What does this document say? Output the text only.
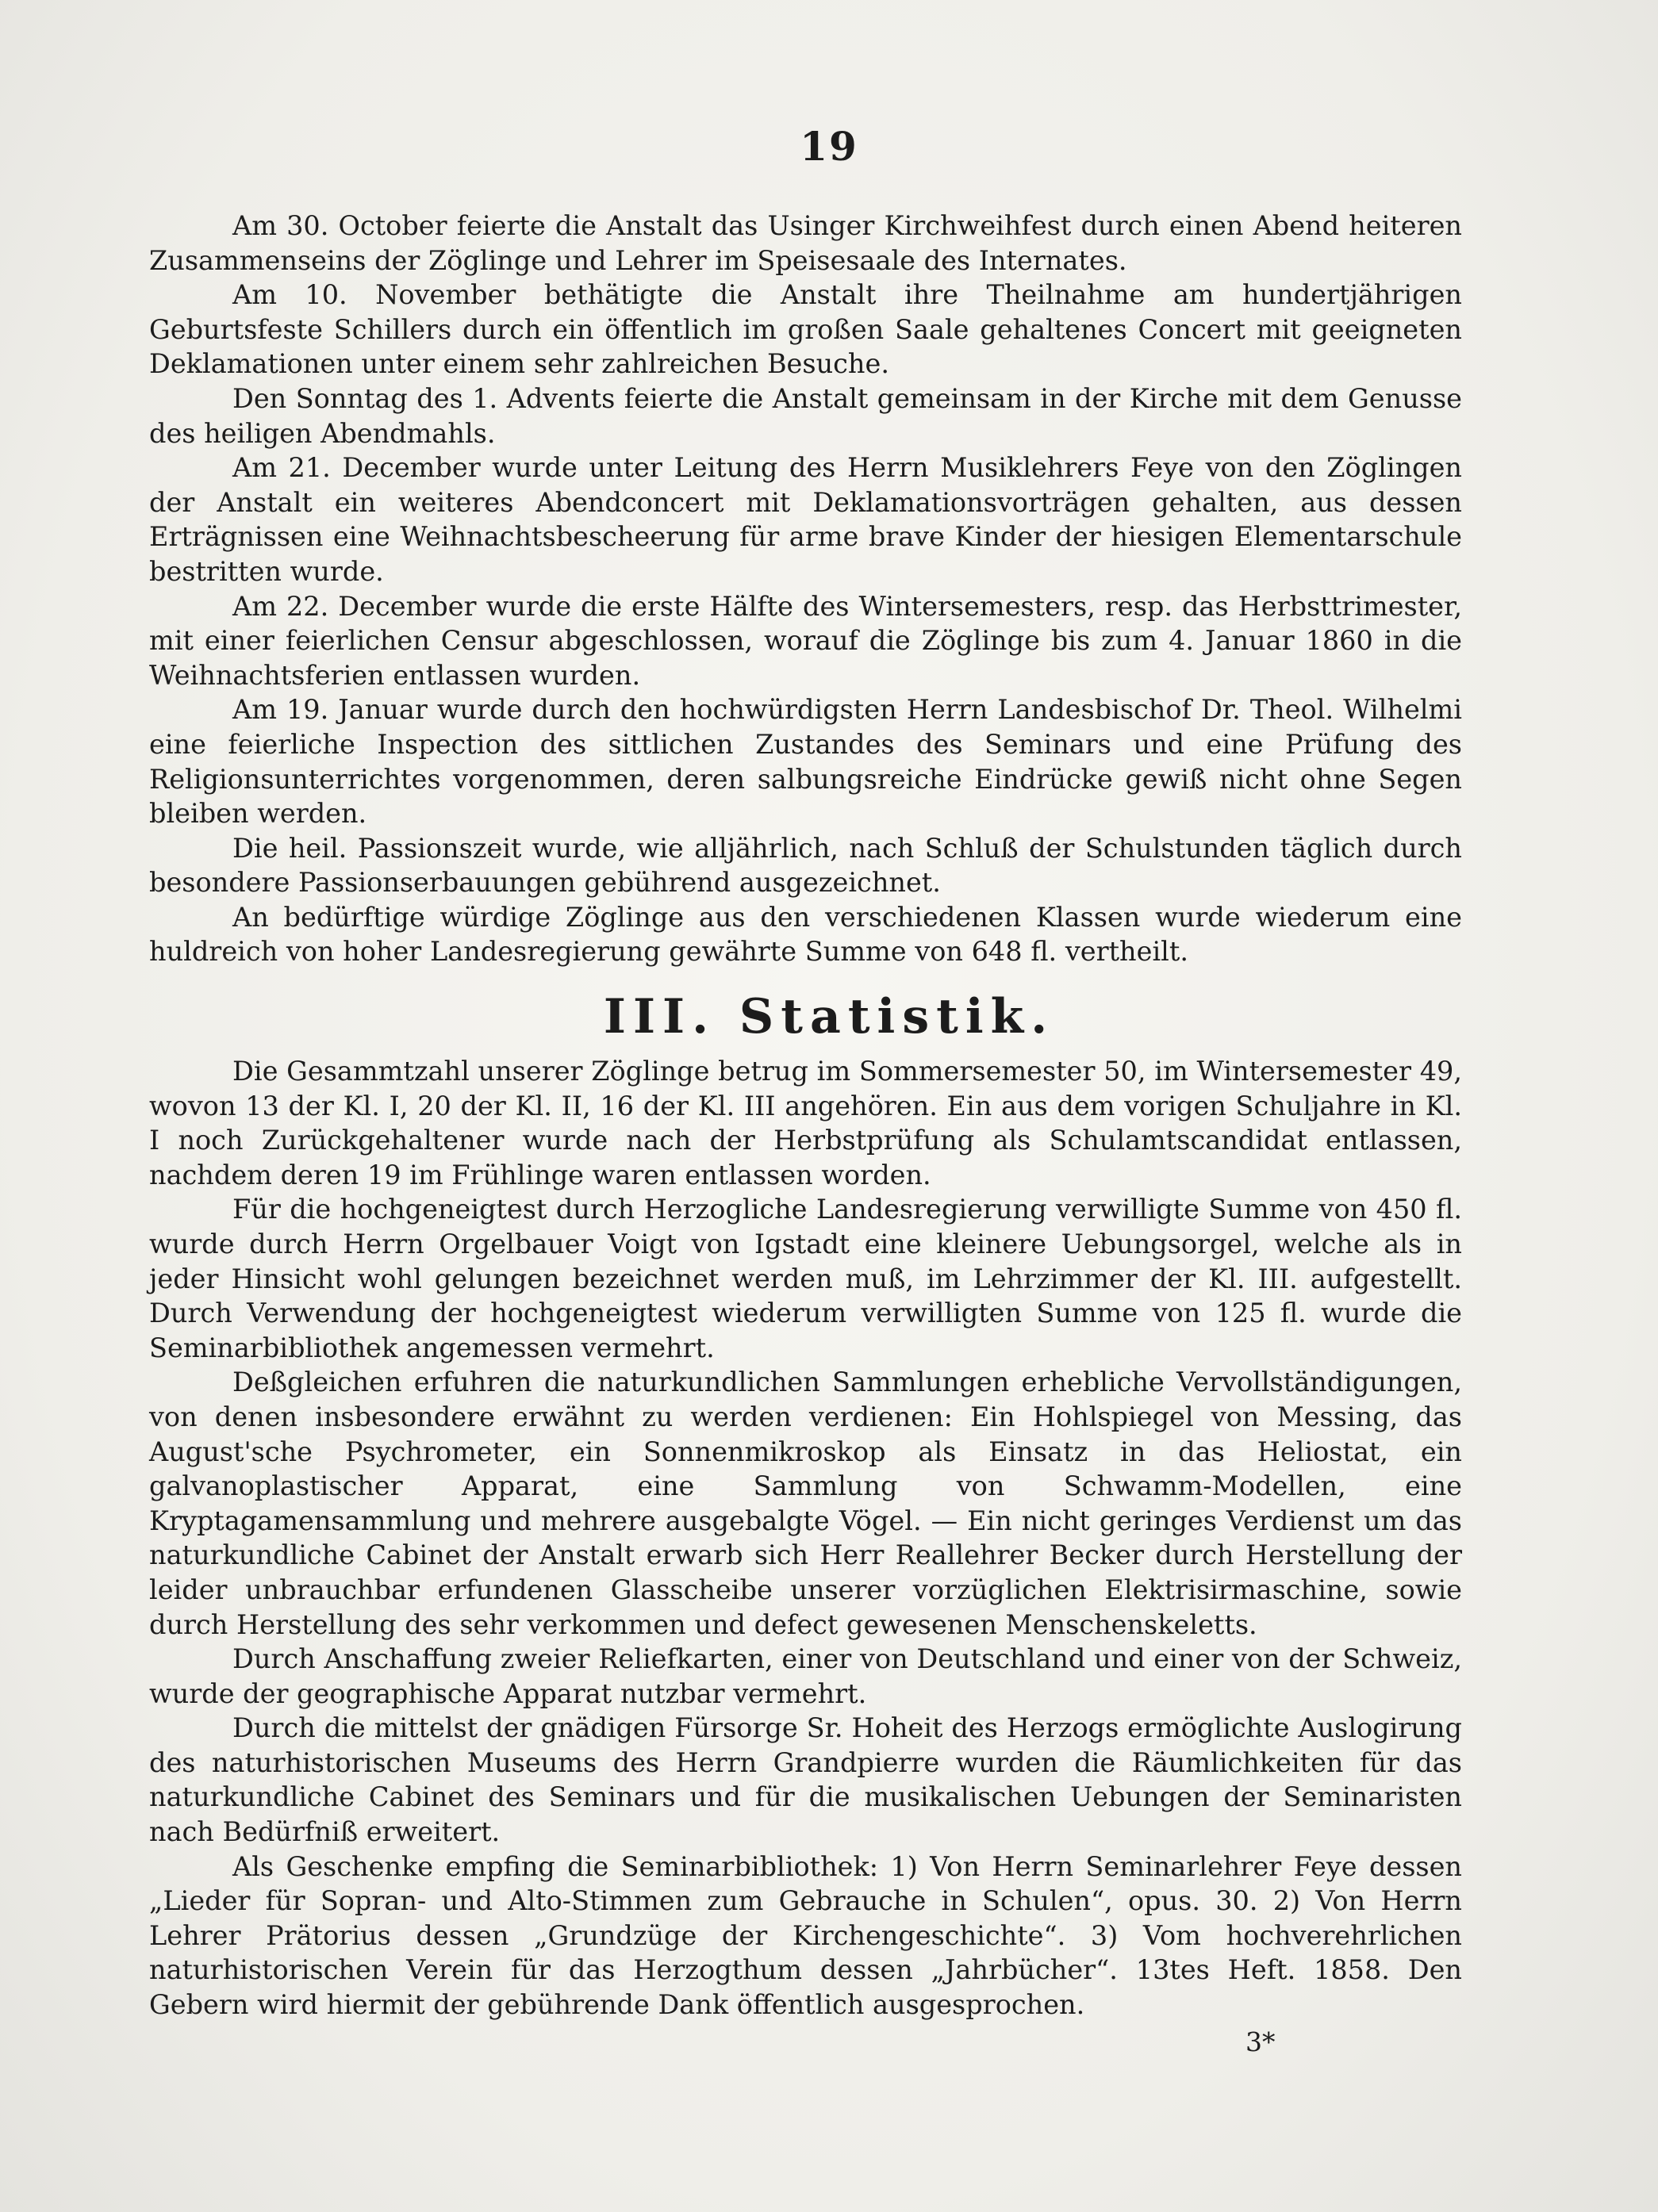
19

Am 30. October feierte die Anstalt das Usinger Kirchweihfest durch einen Abend heiteren Zusammenseins der Zöglinge und Lehrer im Speisesaale des Internates.

Am 10. November bethätigte die Anstalt ihre Theilnahme am hundertjährigen Geburtsfeste Schillers durch ein öffentlich im großen Saale gehaltenes Concert mit geeigneten Deklamationen unter einem sehr zahlreichen Besuche.

Den Sonntag des 1. Advents feierte die Anstalt gemeinsam in der Kirche mit dem Genusse des heiligen Abendmahls.

Am 21. December wurde unter Leitung des Herrn Musiklehrers Feye von den Zöglingen der Anstalt ein weiteres Abendconcert mit Deklamationsvorträgen gehalten, aus dessen Erträgnissen eine Weihnachtsbescheerung für arme brave Kinder der hiesigen Elementarschule bestritten wurde.

Am 22. December wurde die erste Hälfte des Wintersemesters, resp. das Herbsttrimester, mit einer feierlichen Censur abgeschlossen, worauf die Zöglinge bis zum 4. Januar 1860 in die Weihnachtsferien entlassen wurden.

Am 19. Januar wurde durch den hochwürdigsten Herrn Landesbischof Dr. Theol. Wilhelmi eine feierliche Inspection des sittlichen Zustandes des Seminars und eine Prüfung des Religionsunterrichtes vorgenommen, deren salbungsreiche Eindrücke gewiß nicht ohne Segen bleiben werden.

Die heil. Passionszeit wurde, wie alljährlich, nach Schluß der Schulstunden täglich durch besondere Passionserbauungen gebührend ausgezeichnet.

An bedürftige würdige Zöglinge aus den verschiedenen Klassen wurde wiederum eine huldreich von hoher Landesregierung gewährte Summe von 648 fl. vertheilt.

III. Statistik.

Die Gesammtzahl unserer Zöglinge betrug im Sommersemester 50, im Wintersemester 49, wovon 13 der Kl. I, 20 der Kl. II, 16 der Kl. III angehören. Ein aus dem vorigen Schuljahre in Kl. I noch Zurückgehaltener wurde nach der Herbstprüfung als Schulamtscandidat entlassen, nachdem deren 19 im Frühlinge waren entlassen worden.

Für die hochgeneigtest durch Herzogliche Landesregierung verwilligte Summe von 450 fl. wurde durch Herrn Orgelbauer Voigt von Igstadt eine kleinere Uebungsorgel, welche als in jeder Hinsicht wohl gelungen bezeichnet werden muß, im Lehrzimmer der Kl. III. aufgestellt. Durch Verwendung der hochgeneigtest wiederum verwilligten Summe von 125 fl. wurde die Seminarbibliothek angemessen vermehrt.

Deßgleichen erfuhren die naturkundlichen Sammlungen erhebliche Vervollständigungen, von denen insbesondere erwähnt zu werden verdienen: Ein Hohlspiegel von Messing, das August'sche Psychrometer, ein Sonnenmikroskop als Einsatz in das Heliostat, ein galvanoplastischer Apparat, eine Sammlung von Schwamm-Modellen, eine Kryptagamensammlung und mehrere ausgebalgte Vögel. — Ein nicht geringes Verdienst um das naturkundliche Cabinet der Anstalt erwarb sich Herr Reallehrer Becker durch Herstellung der leider unbrauchbar erfundenen Glasscheibe unserer vorzüglichen Elektrisirmaschine, sowie durch Herstellung des sehr verkommen und defect gewesenen Menschenskeletts.

Durch Anschaffung zweier Reliefkarten, einer von Deutschland und einer von der Schweiz, wurde der geographische Apparat nutzbar vermehrt.

Durch die mittelst der gnädigen Fürsorge Sr. Hoheit des Herzogs ermöglichte Auslogirung des naturhistorischen Museums des Herrn Grandpierre wurden die Räumlichkeiten für das naturkundliche Cabinet des Seminars und für die musikalischen Uebungen der Seminaristen nach Bedürfniß erweitert.

Als Geschenke empfing die Seminarbibliothek: 1) Von Herrn Seminarlehrer Feye dessen „Lieder für Sopran- und Alto-Stimmen zum Gebrauche in Schulen“, opus. 30. 2) Von Herrn Lehrer Prätorius dessen „Grundzüge der Kirchengeschichte“. 3) Vom hochverehrlichen naturhistorischen Verein für das Herzogthum dessen „Jahrbücher“. 13tes Heft. 1858. Den Gebern wird hiermit der gebührende Dank öffentlich ausgesprochen.

3*
